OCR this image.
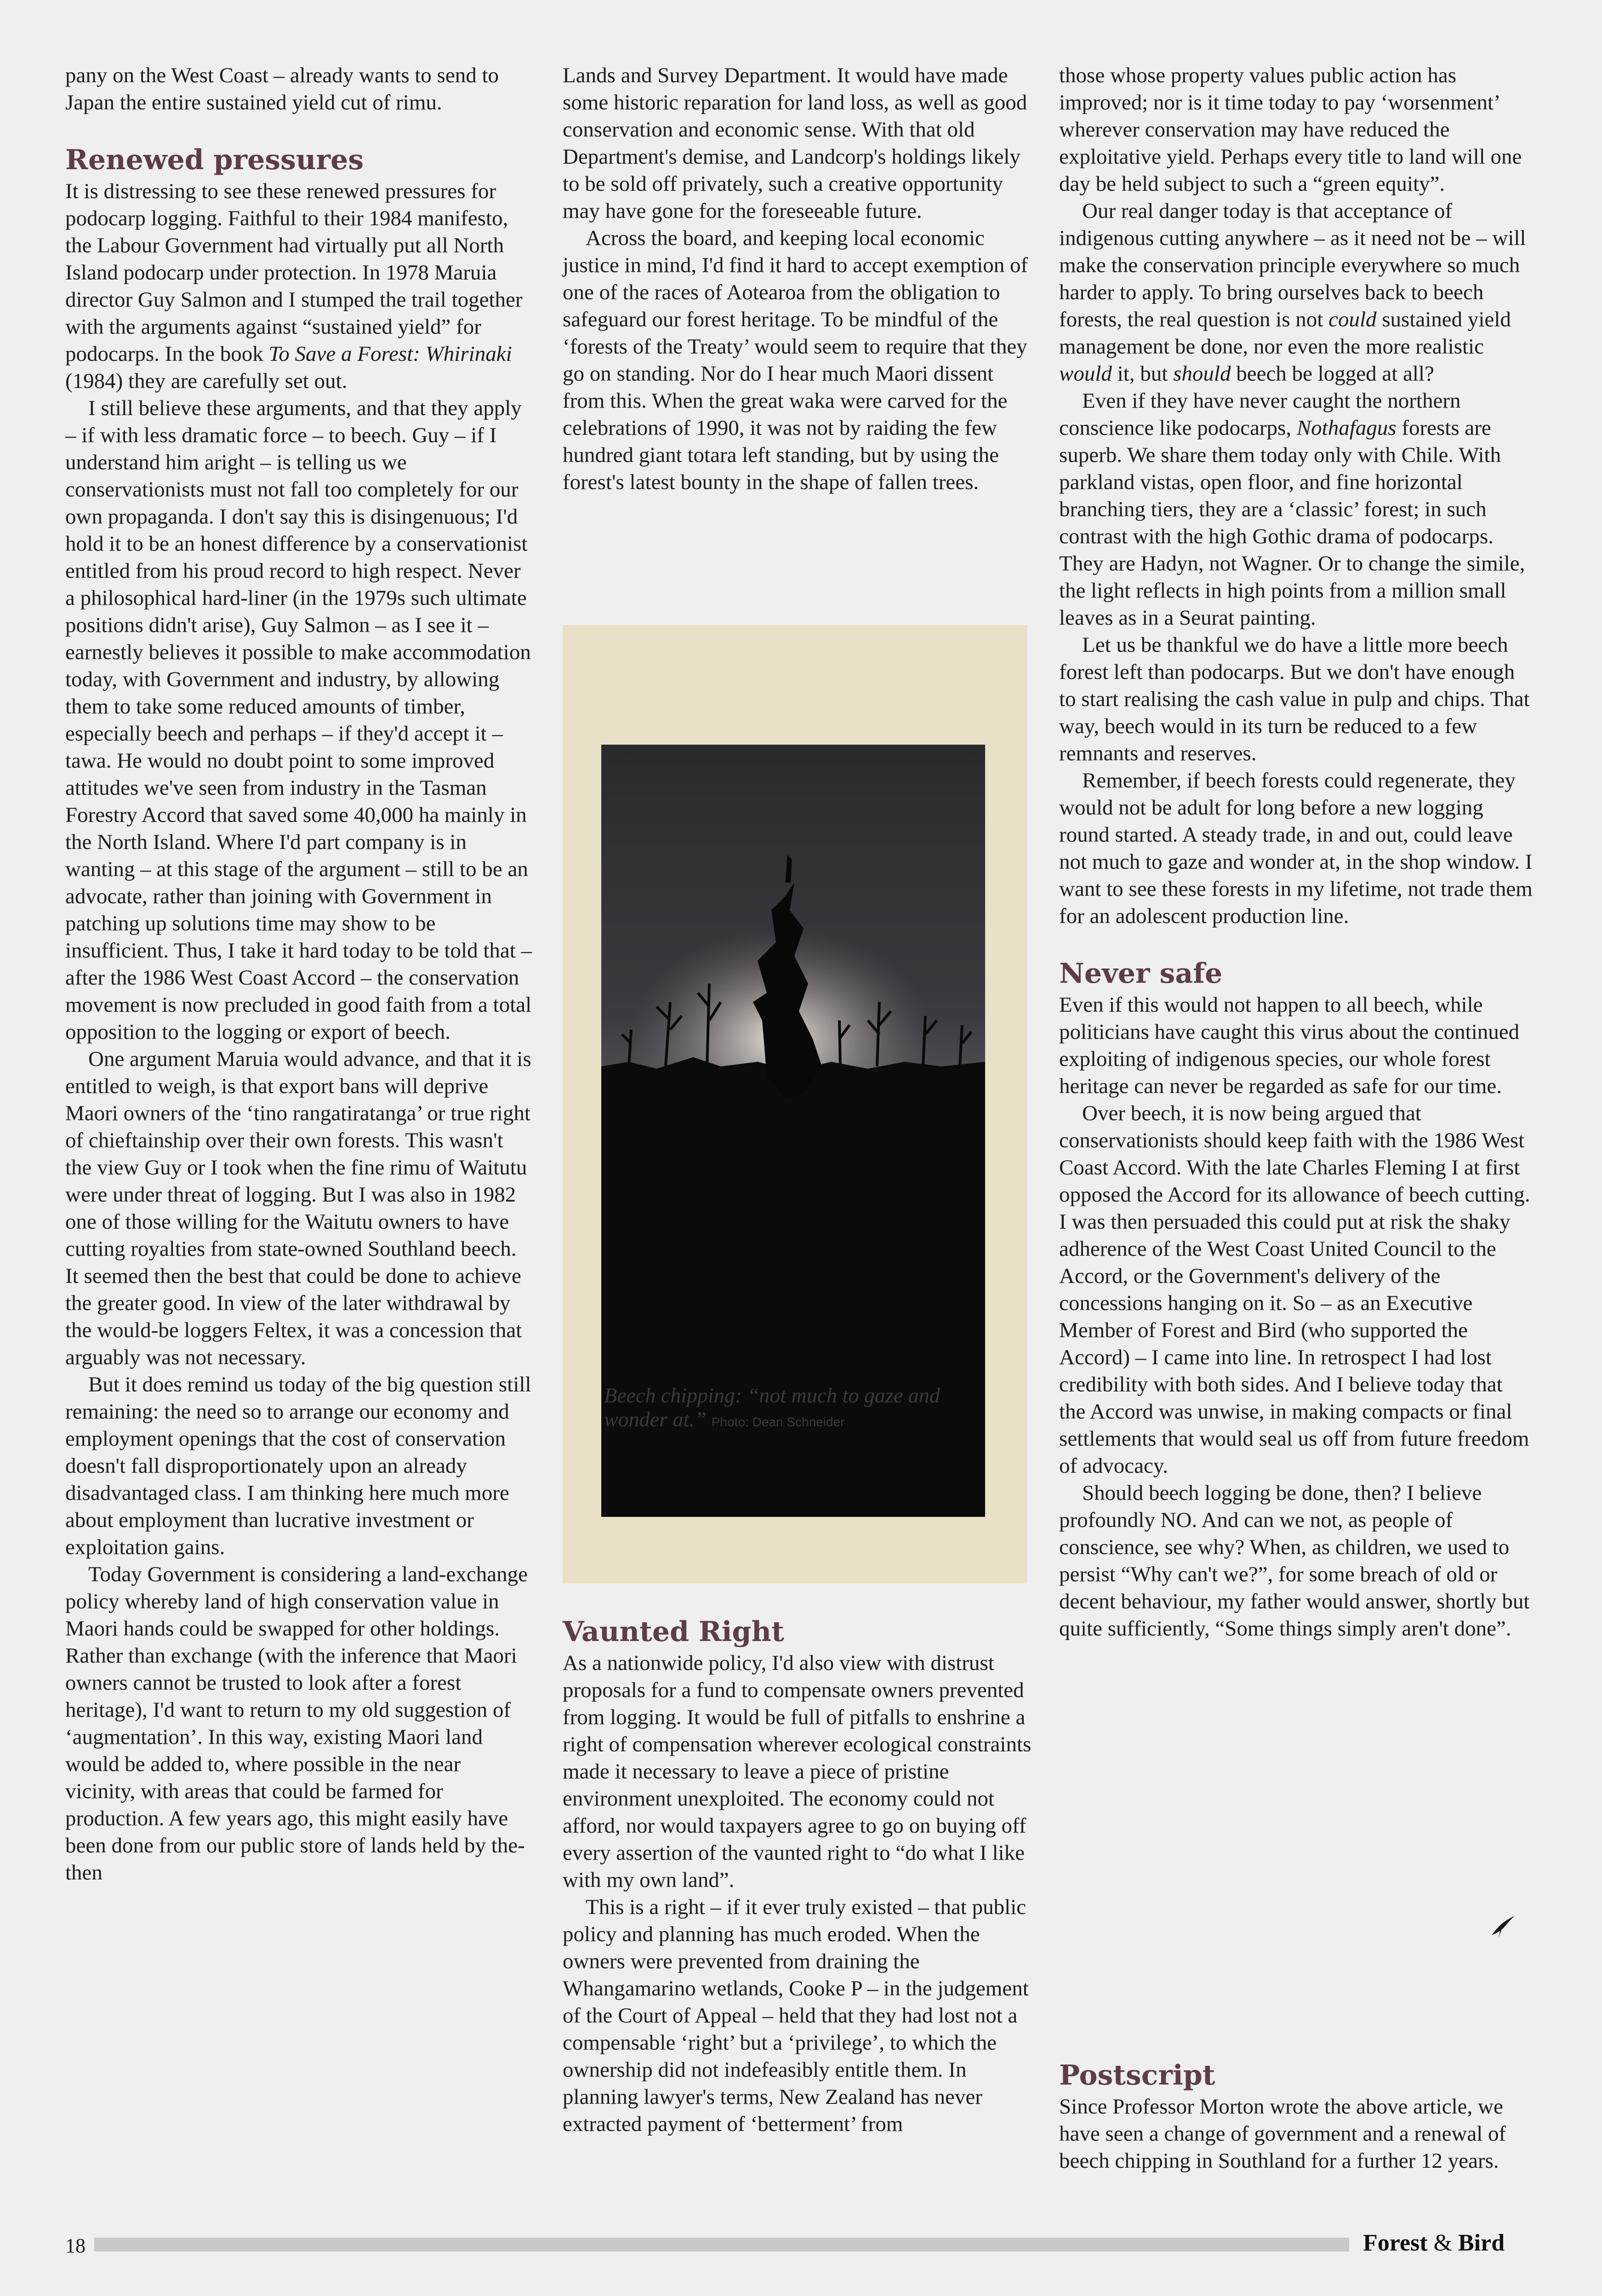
pany on the West Coast – already wants to send to Japan the entire sustained yield cut of rimu.

Renewed pressures

It is distressing to see these renewed pressures for podocarp logging. Faithful to their 1984 manifesto, the Labour Government had virtually put all North Island podocarp under protection. In 1978 Maruia director Guy Salmon and I stumped the trail together with the arguments against “sustained yield” for podocarps. In the book To Save a Forest: Whirinaki (1984) they are carefully set out.

I still believe these arguments, and that they apply – if with less dramatic force – to beech. Guy – if I understand him aright – is telling us we conservationists must not fall too completely for our own propaganda. I don't say this is disingenuous; I'd hold it to be an honest difference by a conservationist entitled from his proud record to high respect. Never a philosophical hard-liner (in the 1979s such ultimate positions didn't arise), Guy Salmon – as I see it – earnestly believes it possible to make accommodation today, with Government and industry, by allowing them to take some reduced amounts of timber, especially beech and perhaps – if they'd accept it – tawa. He would no doubt point to some improved attitudes we've seen from industry in the Tasman Forestry Accord that saved some 40,000 ha mainly in the North Island. Where I'd part company is in wanting – at this stage of the argument – still to be an advocate, rather than joining with Government in patching up solutions time may show to be insufficient. Thus, I take it hard today to be told that – after the 1986 West Coast Accord – the conservation movement is now precluded in good faith from a total opposition to the logging or export of beech.

One argument Maruia would advance, and that it is entitled to weigh, is that export bans will deprive Maori owners of the ‘tino rangatiratanga’ or true right of chieftainship over their own forests. This wasn't the view Guy or I took when the fine rimu of Waitutu were under threat of logging. But I was also in 1982 one of those willing for the Waitutu owners to have cutting royalties from state-owned Southland beech. It seemed then the best that could be done to achieve the greater good. In view of the later withdrawal by the would-be loggers Feltex, it was a concession that arguably was not necessary.

But it does remind us today of the big question still remaining: the need so to arrange our economy and employment openings that the cost of conservation doesn't fall disproportionately upon an already disadvantaged class. I am thinking here much more about employment than lucrative investment or exploitation gains.

Today Government is considering a land-exchange policy whereby land of high conservation value in Maori hands could be swapped for other holdings. Rather than exchange (with the inference that Maori owners cannot be trusted to look after a forest heritage), I'd want to return to my old suggestion of ‘augmentation’. In this way, existing Maori land would be added to, where possible in the near vicinity, with areas that could be farmed for production. A few years ago, this might easily have been done from our public store of lands held by the-then

Lands and Survey Department. It would have made some historic reparation for land loss, as well as good conservation and economic sense. With that old Department's demise, and Landcorp's holdings likely to be sold off privately, such a creative opportunity may have gone for the foreseeable future.

Across the board, and keeping local economic justice in mind, I'd find it hard to accept exemption of one of the races of Aotearoa from the obligation to safeguard our forest heritage. To be mindful of the ‘forests of the Treaty’ would seem to require that they go on standing. Nor do I hear much Maori dissent from this. When the great waka were carved for the celebrations of 1990, it was not by raiding the few hundred giant totara left standing, but by using the forest's latest bounty in the shape of fallen trees.

Beech chipping: “not much to gaze and wonder at.” Photo: Dean Schneider
Vaunted Right

As a nationwide policy, I'd also view with distrust proposals for a fund to compensate owners prevented from logging. It would be full of pitfalls to enshrine a right of compensation wherever ecological constraints made it necessary to leave a piece of pristine environment unexploited. The economy could not afford, nor would taxpayers agree to go on buying off every assertion of the vaunted right to “do what I like with my own land”.

This is a right – if it ever truly existed – that public policy and planning has much eroded. When the owners were prevented from draining the Whangamarino wetlands, Cooke P – in the judgement of the Court of Appeal – held that they had lost not a compensable ‘right’ but a ‘privilege’, to which the ownership did not indefeasibly entitle them. In planning lawyer's terms, New Zealand has never extracted payment of ‘betterment’ from

those whose property values public action has improved; nor is it time today to pay ‘worsenment’ wherever conservation may have reduced the exploitative yield. Perhaps every title to land will one day be held subject to such a “green equity”.

Our real danger today is that acceptance of indigenous cutting anywhere – as it need not be – will make the conservation principle everywhere so much harder to apply. To bring ourselves back to beech forests, the real question is not could sustained yield management be done, nor even the more realistic would it, but should beech be logged at all?

Even if they have never caught the northern conscience like podocarps, Nothafagus forests are superb. We share them today only with Chile. With parkland vistas, open floor, and fine horizontal branching tiers, they are a ‘classic’ forest; in such contrast with the high Gothic drama of podocarps. They are Hadyn, not Wagner. Or to change the simile, the light reflects in high points from a million small leaves as in a Seurat painting.

Let us be thankful we do have a little more beech forest left than podocarps. But we don't have enough to start realising the cash value in pulp and chips. That way, beech would in its turn be reduced to a few remnants and reserves.

Remember, if beech forests could regenerate, they would not be adult for long before a new logging round started. A steady trade, in and out, could leave not much to gaze and wonder at, in the shop window. I want to see these forests in my lifetime, not trade them for an adolescent production line.

Never safe

Even if this would not happen to all beech, while politicians have caught this virus about the continued exploiting of indigenous species, our whole forest heritage can never be regarded as safe for our time.

Over beech, it is now being argued that conservationists should keep faith with the 1986 West Coast Accord. With the late Charles Fleming I at first opposed the Accord for its allowance of beech cutting. I was then persuaded this could put at risk the shaky adherence of the West Coast United Council to the Accord, or the Government's delivery of the concessions hanging on it. So – as an Executive Member of Forest and Bird (who supported the Accord) – I came into line. In retrospect I had lost credibility with both sides. And I believe today that the Accord was unwise, in making compacts or final settlements that would seal us off from future freedom of advocacy.

Should beech logging be done, then? I believe profoundly NO. And can we not, as people of conscience, see why? When, as children, we used to persist “Why can't we?”, for some breach of old or decent behaviour, my father would answer, shortly but quite sufficiently, “Some things simply aren't done”.

Postscript

Since Professor Morton wrote the above article, we have seen a change of government and a renewal of beech chipping in Southland for a further 12 years.

18	Forest & Bird
